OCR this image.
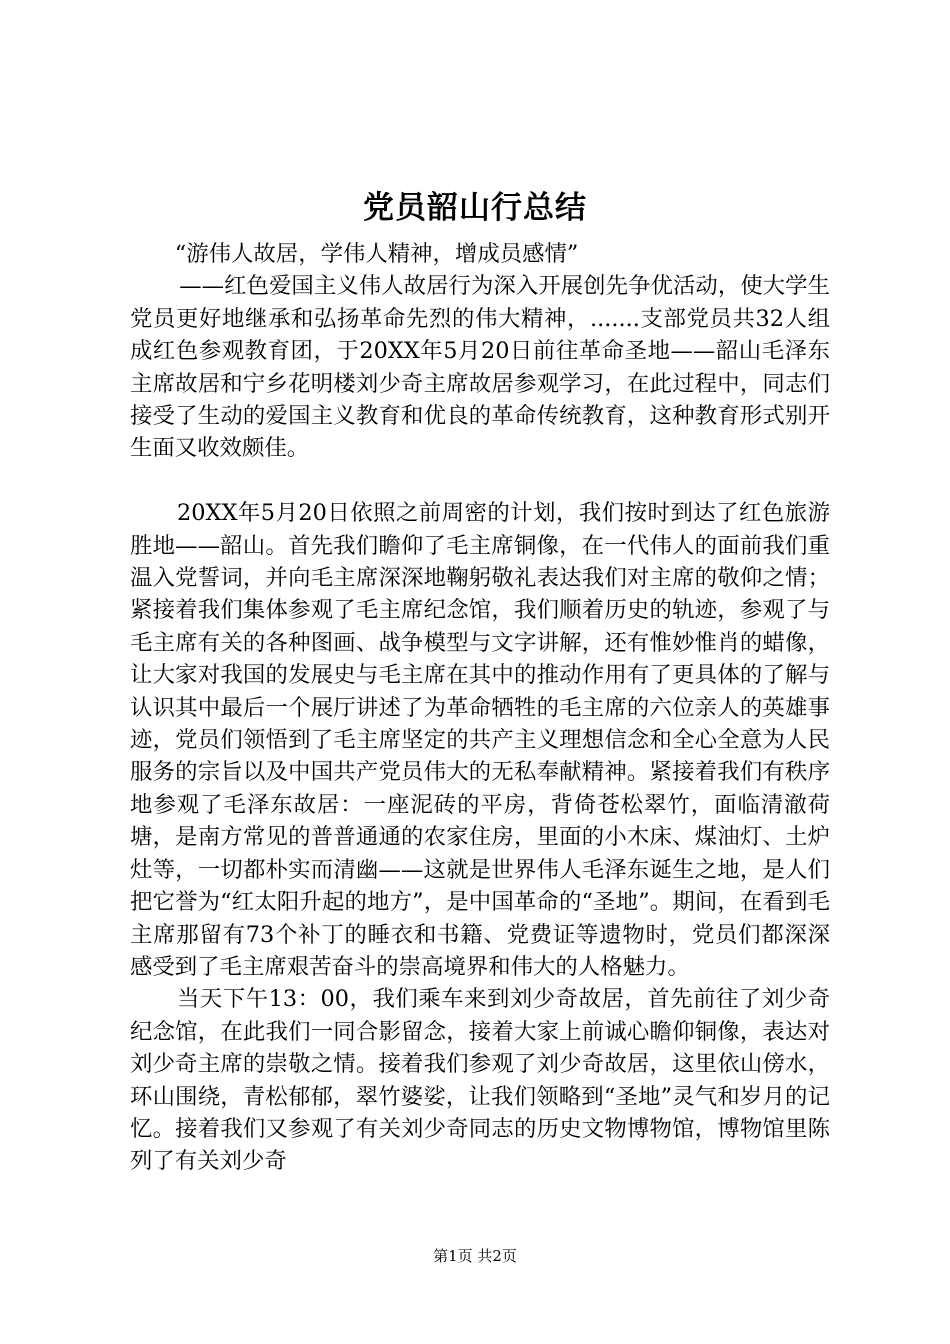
党员韶山行总结

“游伟人故居，学伟人精神，增成员感情”

——红色爱国主义伟人故居行为深入开展创先争优活动，使大学生党员更好地继承和弘扬革命先烈的伟大精神，.......支部党员共32人组成红色参观教育团，于20XX年5月20日前往革命圣地——韶山毛泽东主席故居和宁乡花明楼刘少奇主席故居参观学习，在此过程中，同志们接受了生动的爱国主义教育和优良的革命传统教育，这种教育形式别开生面又收效颇佳。

20XX年5月20日依照之前周密的计划，我们按时到达了红色旅游胜地——韶山。首先我们瞻仰了毛主席铜像，在一代伟人的面前我们重温入党誓词，并向毛主席深深地鞠躬敬礼表达我们对主席的敬仰之情；紧接着我们集体参观了毛主席纪念馆，我们顺着历史的轨迹，参观了与毛主席有关的各种图画、战争模型与文字讲解，还有惟妙惟肖的蜡像，让大家对我国的发展史与毛主席在其中的推动作用有了更具体的了解与认识其中最后一个展厅讲述了为革命牺牲的毛主席的六位亲人的英雄事迹，党员们领悟到了毛主席坚定的共产主义理想信念和全心全意为人民服务的宗旨以及中国共产党员伟大的无私奉献精神。紧接着我们有秩序地参观了毛泽东故居：一座泥砖的平房，背倚苍松翠竹，面临清澈荷塘，是南方常见的普普通通的农家住房，里面的小木床、煤油灯、土炉灶等，一切都朴实而清幽——这就是世界伟人毛泽东诞生之地，是人们把它誉为“红太阳升起的地方”，是中国革命的“圣地”。期间，在看到毛主席那留有73个补丁的睡衣和书籍、党费证等遗物时，党员们都深深感受到了毛主席艰苦奋斗的崇高境界和伟大的人格魅力。

当天下午13：00，我们乘车来到刘少奇故居，首先前往了刘少奇纪念馆，在此我们一同合影留念，接着大家上前诚心瞻仰铜像，表达对刘少奇主席的崇敬之情。接着我们参观了刘少奇故居，这里依山傍水，环山围绕，青松郁郁，翠竹婆娑，让我们领略到“圣地”灵气和岁月的记忆。接着我们又参观了有关刘少奇同志的历史文物博物馆，博物馆里陈列了有关刘少奇

第1页 共2页
